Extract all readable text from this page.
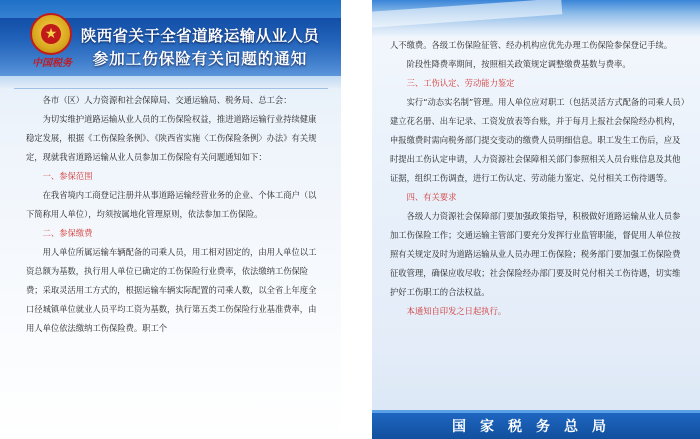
★
中国税务
陕西省关于全省道路运输从业人员
参加工伤保险有关问题的通知

各市（区）人力资源和社会保障局、交通运输局、税务局、总工会：

为切实维护道路运输从业人员的工伤保险权益，推进道路运输行业持续健康稳定发展，根据《工伤保险条例》、《陕西省实施〈工伤保险条例〉办法》有关规定，现就我省道路运输从业人员参加工伤保险有关问题通知如下：

一、参保范围

在我省境内工商登记注册并从事道路运输经营业务的企业、个体工商户（以下简称用人单位），均须按属地化管理原则，依法参加工伤保险。

二、参保缴费

用人单位所属运输车辆配备的司乘人员，用工相对固定的，由用人单位以工资总额为基数，执行用人单位已确定的工伤保险行业费率，依法缴纳工伤保险费；采取灵活用工方式的，根据运输车辆实际配置的司乘人数，以全省上年度全口径城镇单位就业人员平均工资为基数，执行第五类工伤保险行业基准费率，由用人单位依法缴纳工伤保险费。职工个

人不缴费。各级工伤保险征管、经办机构应优先办理工伤保险参保登记手续。

阶段性降费率期间，按照相关政策规定调整缴费基数与费率。

三、工伤认定、劳动能力鉴定

实行“动态实名制”管理。用人单位应对职工（包括灵活方式配备的司乘人员）建立花名册、出车记录、工资发放表等台账，并于每月上报社会保险经办机构，申报缴费时需向税务部门提交变动的缴费人员明细信息。职工发生工伤后，应及时提出工伤认定申请，人力资源社会保障相关部门参照相关人员台账信息及其他证据，组织工伤调查，进行工伤认定、劳动能力鉴定、兑付相关工伤待遇等。

四、有关要求

各级人力资源社会保障部门要加强政策指导，积极做好道路运输从业人员参加工伤保险工作；交通运输主管部门要充分发挥行业监管职能，督促用人单位按照有关规定及时为道路运输从业人员办理工伤保险；税务部门要加强工伤保险费征收管理，确保应收尽收；社会保险经办部门要及时兑付相关工伤待遇，切实维护好工伤职工的合法权益。

本通知自印发之日起执行。

国家税务总局
